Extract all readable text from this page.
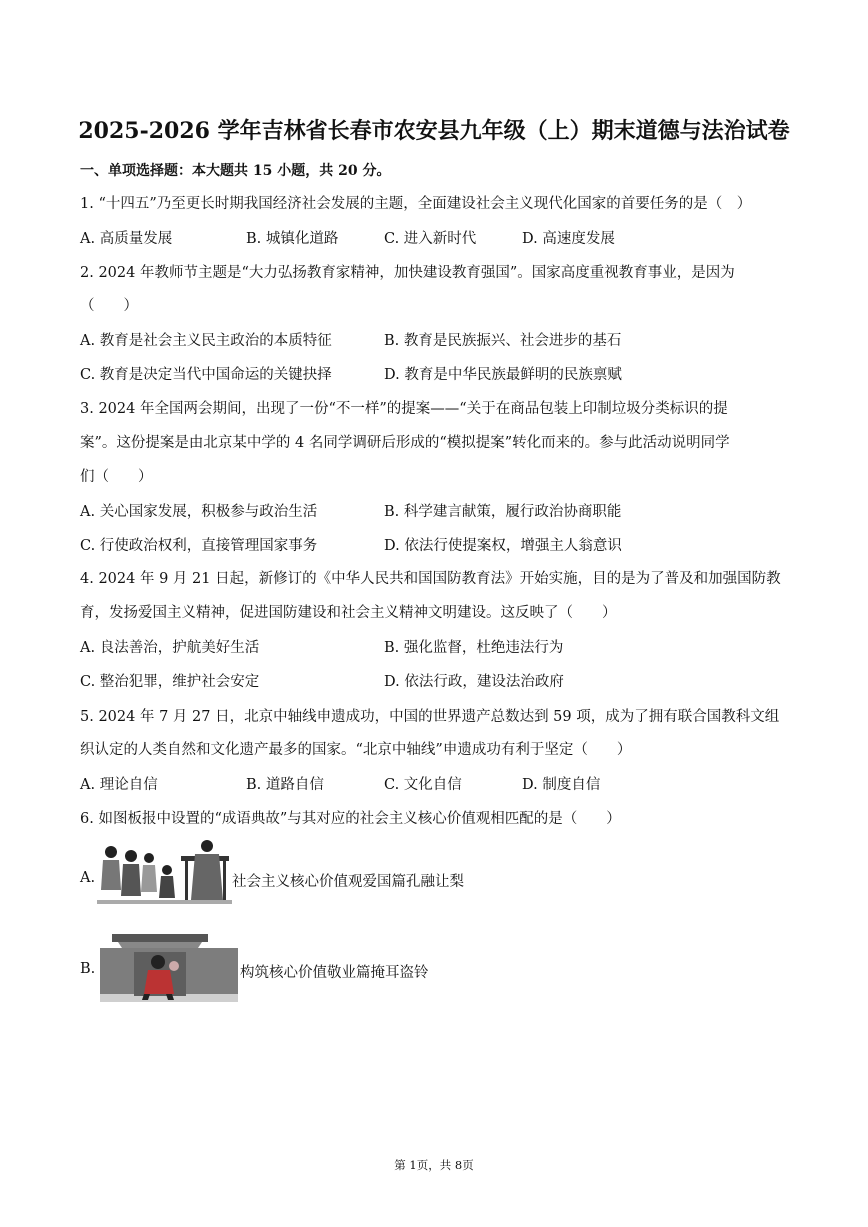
2025-2026 学年吉林省长春市农安县九年级（上）期末道德与法治试卷
一、单项选择题：本大题共 15 小题，共 20 分。
1. “十四五”乃至更长时期我国经济社会发展的主题，全面建设社会主义现代化国家的首要任务的是（　）
A. 高质量发展	B. 城镇化道路	C. 进入新时代	D. 高速度发展
2. 2024 年教师节主题是“大力弘扬教育家精神，加快建设教育强国”。国家高度重视教育事业，是因为
（　　）
A. 教育是社会主义民主政治的本质特征	B. 教育是民族振兴、社会进步的基石
C. 教育是决定当代中国命运的关键抉择	D. 教育是中华民族最鲜明的民族禀赋
3. 2024 年全国两会期间，出现了一份“不一样”的提案——“关于在商品包装上印制垃圾分类标识的提
案”。这份提案是由北京某中学的 4 名同学调研后形成的“模拟提案”转化而来的。参与此活动说明同学
们（　　）
A. 关心国家发展，积极参与政治生活	B. 科学建言献策，履行政治协商职能
C. 行使政治权利，直接管理国家事务	D. 依法行使提案权，增强主人翁意识
4. 2024 年 9 月 21 日起，新修订的《中华人民共和国国防教育法》开始实施，目的是为了普及和加强国防教
育，发扬爱国主义精神，促进国防建设和社会主义精神文明建设。这反映了（　　）
A. 良法善治，护航美好生活	B. 强化监督，杜绝违法行为
C. 整治犯罪，维护社会安定	D. 依法行政，建设法治政府
5. 2024 年 7 月 27 日，北京中轴线申遗成功，中国的世界遗产总数达到 59 项，成为了拥有联合国教科文组
织认定的人类自然和文化遗产最多的国家。“北京中轴线”申遗成功有利于坚定（　　）
A. 理论自信	B. 道路自信	C. 文化自信	D. 制度自信
6. 如图板报中设置的“成语典故”与其对应的社会主义核心价值观相匹配的是（　　）
A.	社会主义核心价值观爱国篇孔融让梨
B.	构筑核心价值敬业篇掩耳盗铃
第 1页，共 8页
